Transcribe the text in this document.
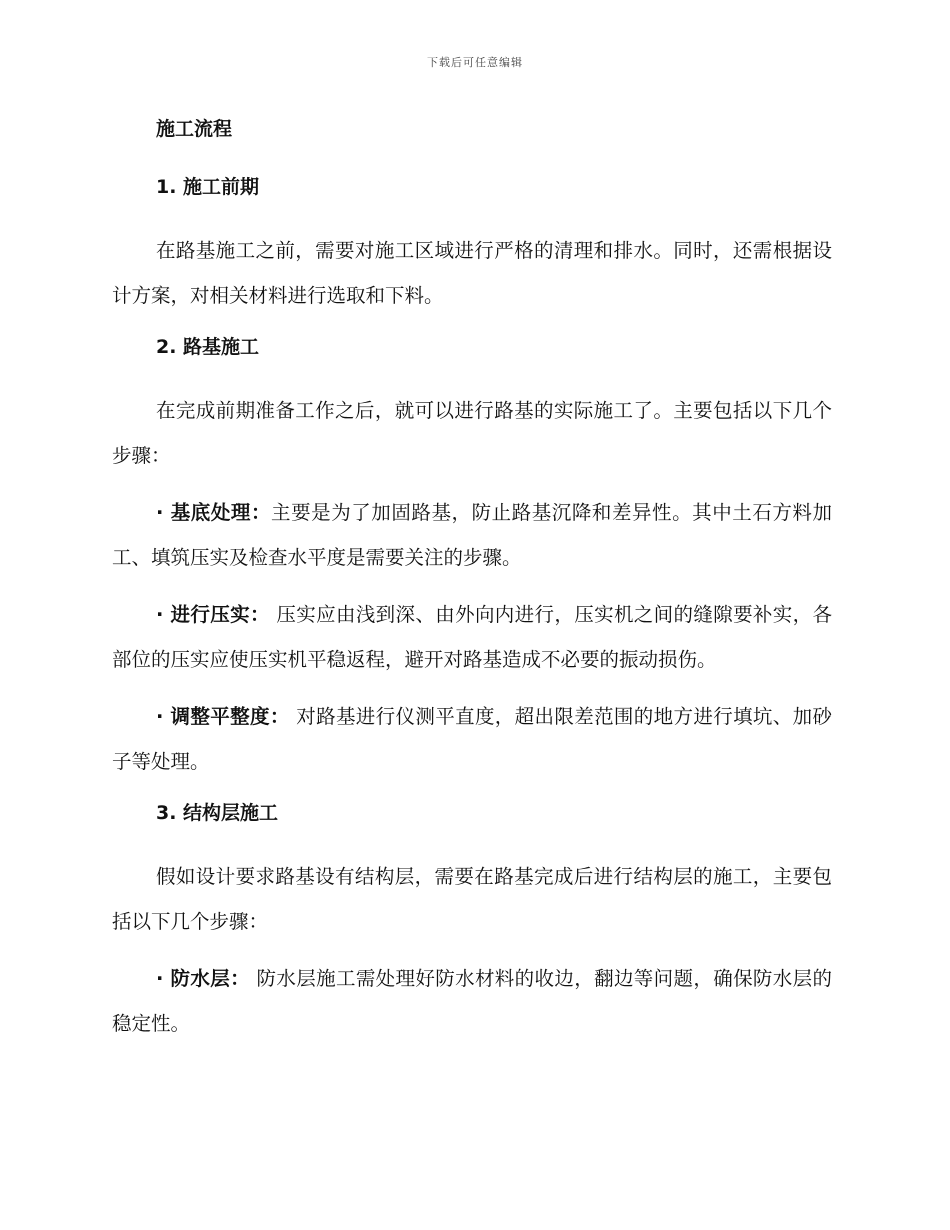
下载后可任意编辑
施工流程
1. 施工前期

在路基施工之前，需要对施工区域进行严格的清理和排水。同时，还需根据设计方案，对相关材料进行选取和下料。

2. 路基施工

在完成前期准备工作之后，就可以进行路基的实际施工了。主要包括以下几个步骤：

· 基底处理：主要是为了加固路基，防止路基沉降和差异性。其中土石方料加工、填筑压实及检查水平度是需要关注的步骤。

· 进行压实： 压实应由浅到深、由外向内进行，压实机之间的缝隙要补实，各部位的压实应使压实机平稳返程，避开对路基造成不必要的振动损伤。

· 调整平整度： 对路基进行仪测平直度，超出限差范围的地方进行填坑、加砂子等处理。

3. 结构层施工

假如设计要求路基设有结构层，需要在路基完成后进行结构层的施工，主要包括以下几个步骤：

· 防水层： 防水层施工需处理好防水材料的收边，翻边等问题，确保防水层的稳定性。
